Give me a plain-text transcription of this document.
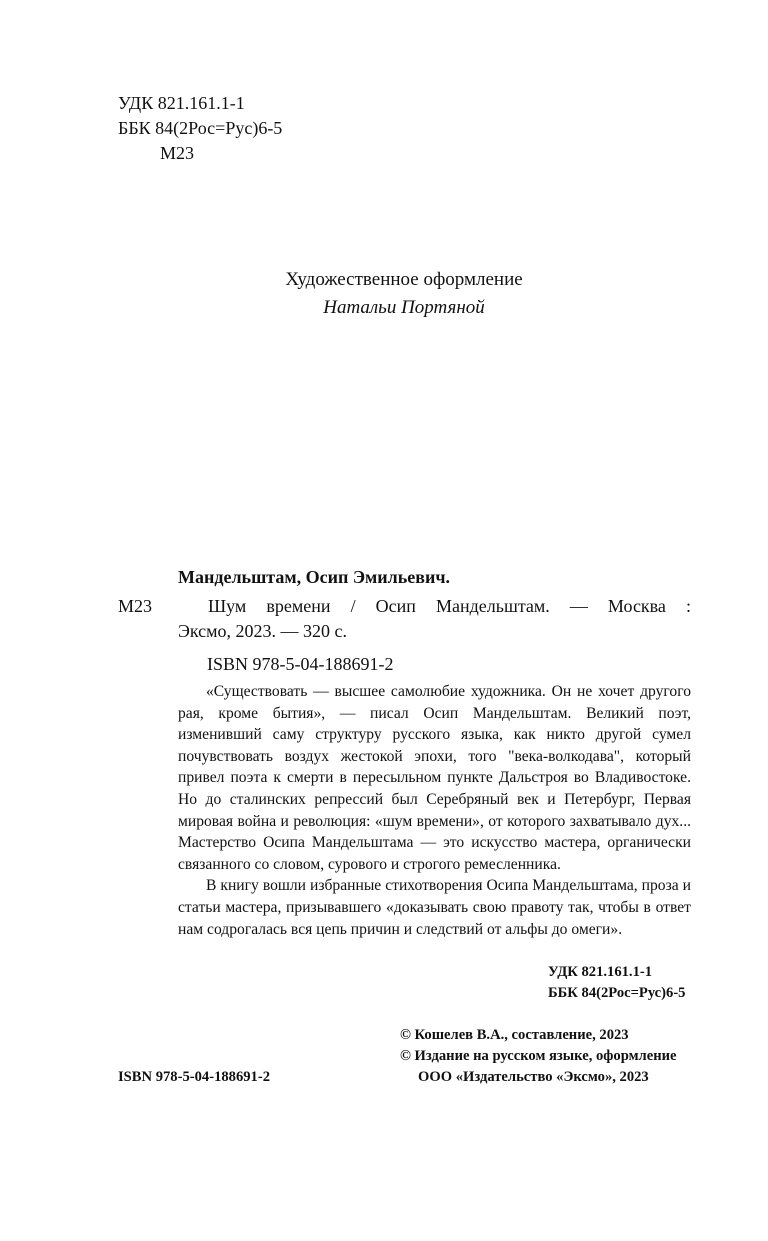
УДК 821.161.1-1
ББК 84(2Рос=Рус)6-5
М23
Художественное оформление
Натальи Портяной
Мандельштам, Осип Эмильевич.
М23	Шум времени / Осип Мандельштам. — Москва :
Эксмо, 2023. — 320 с.
ISBN 978-5-04-188691-2

«Существовать — высшее самолюбие художника. Он не хочет другого рая, кроме бытия», — писал Осип Мандельштам. Великий поэт, изменивший саму структуру русского языка, как никто другой сумел почувствовать воздух жестокой эпохи, того "века-волкодава", который привел поэта к смерти в пересыльном пункте Дальстроя во Владивостоке. Но до сталинских репрессий был Серебряный век и Петербург, Первая мировая война и революция: «шум времени», от которого захватывало дух... Мастерство Осипа Мандельштама — это искусство мастера, органически связанного со словом, сурового и строгого ремесленника.

В книгу вошли избранные стихотворения Осипа Мандельштама, проза и статьи мастера, призывавшего «доказывать свою правоту так, чтобы в ответ нам содрогалась вся цепь причин и следствий от альфы до омеги».

УДК 821.161.1-1
ББК 84(2Рос=Рус)6-5
© Кошелев В.А., составление, 2023
© Издание на русском языке, оформление
ООО «Издательство «Эксмо», 2023
ISBN 978-5-04-188691-2
